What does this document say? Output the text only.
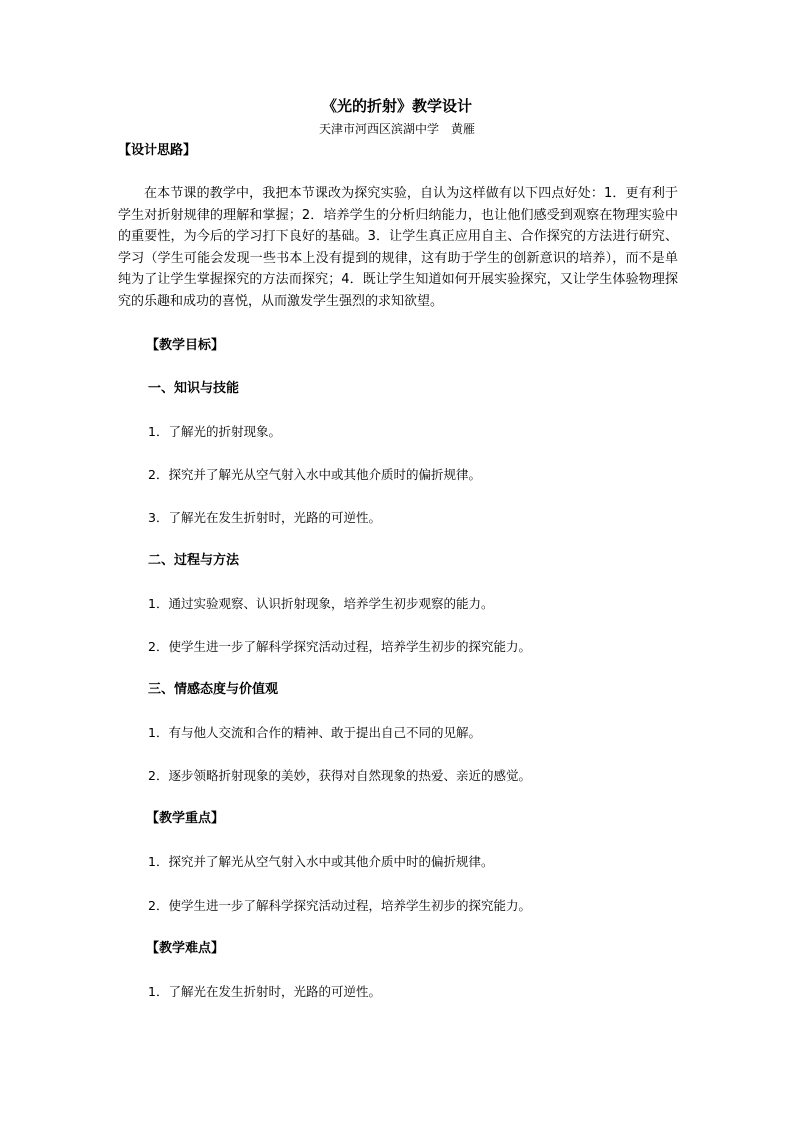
《光的折射》教学设计
天津市河西区滨湖中学　黄雁
【设计思路】

在本节课的教学中，我把本节课改为探究实验，自认为这样做有以下四点好处：1．更有利于学生对折射规律的理解和掌握；2．培养学生的分析归纳能力，也让他们感受到观察在物理实验中的重要性，为今后的学习打下良好的基础。3．让学生真正应用自主、合作探究的方法进行研究、学习（学生可能会发现一些书本上没有提到的规律，这有助于学生的创新意识的培养），而不是单纯为了让学生掌握探究的方法而探究；4．既让学生知道如何开展实验探究，又让学生体验物理探究的乐趣和成功的喜悦，从而激发学生强烈的求知欲望。

【教学目标】
一、知识与技能
1．了解光的折射现象。
2．探究并了解光从空气射入水中或其他介质时的偏折规律。
3．了解光在发生折射时，光路的可逆性。
二、过程与方法
1．通过实验观察、认识折射现象，培养学生初步观察的能力。
2．使学生进一步了解科学探究活动过程，培养学生初步的探究能力。
三、情感态度与价值观
1．有与他人交流和合作的精神、敢于提出自己不同的见解。
2．逐步领略折射现象的美妙，获得对自然现象的热爱、亲近的感觉。
【教学重点】
1．探究并了解光从空气射入水中或其他介质中时的偏折规律。
2．使学生进一步了解科学探究活动过程，培养学生初步的探究能力。
【教学难点】
1．了解光在发生折射时，光路的可逆性。
